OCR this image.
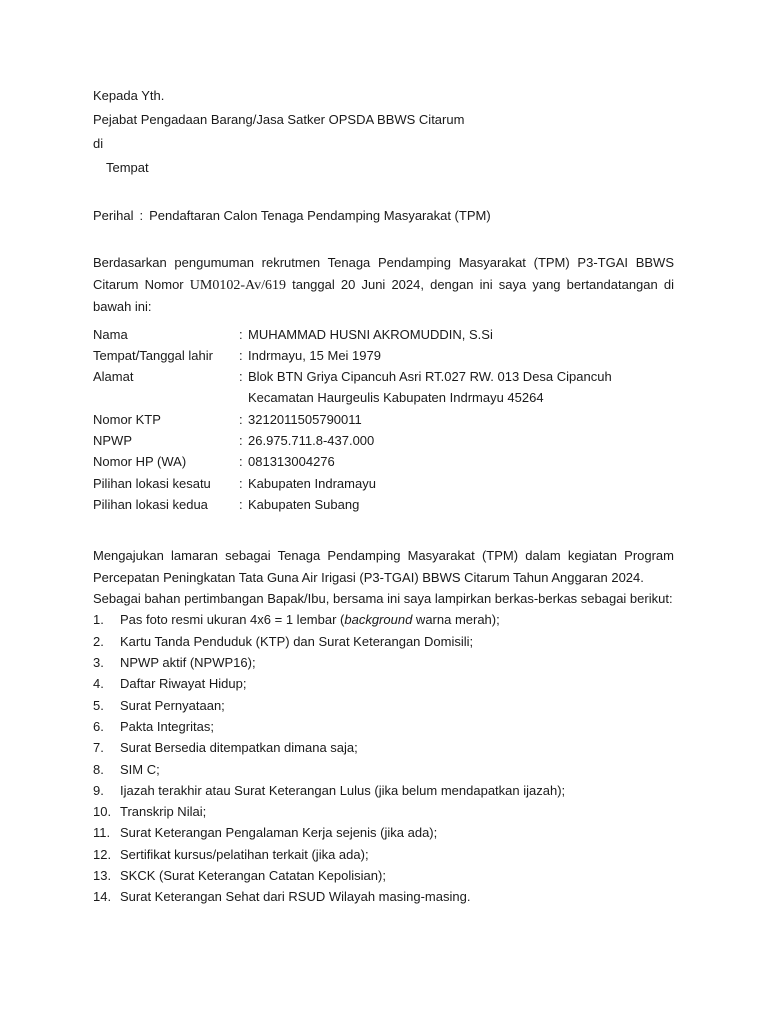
Kepada Yth.
Pejabat Pengadaan Barang/Jasa Satker OPSDA BBWS Citarum
di
Tempat
Perihal : Pendaftaran Calon Tenaga Pendamping Masyarakat (TPM)
Berdasarkan pengumuman rekrutmen Tenaga Pendamping Masyarakat (TPM) P3-TGAI BBWS Citarum Nomor UM0102-Av/619 tanggal 20 Juni 2024, dengan ini saya yang bertandatangan di bawah ini:
Nama	: MUHAMMAD HUSNI AKROMUDDIN, S.Si
Tempat/Tanggal lahir	: Indrmayu, 15 Mei 1979
Alamat	: Blok BTN Griya Cipancuh Asri RT.027 RW. 013 Desa Cipancuh
Kecamatan Haurgeulis Kabupaten Indrmayu 45264
Nomor KTP	: 3212011505790011
NPWP	: 26.975.711.8-437.000
Nomor HP (WA)	: 081313004276
Pilihan lokasi kesatu	: Kabupaten Indramayu
Pilihan lokasi kedua	: Kabupaten Subang
Mengajukan lamaran sebagai Tenaga Pendamping Masyarakat (TPM) dalam kegiatan Program Percepatan Peningkatan Tata Guna Air Irigasi (P3-TGAI) BBWS Citarum Tahun Anggaran 2024.
Sebagai bahan pertimbangan Bapak/Ibu, bersama ini saya lampirkan berkas-berkas sebagai berikut:
1.	Pas foto resmi ukuran 4x6 = 1 lembar (background warna merah);
2.	Kartu Tanda Penduduk (KTP) dan Surat Keterangan Domisili;
3.	NPWP aktif (NPWP16);
4.	Daftar Riwayat Hidup;
5.	Surat Pernyataan;
6.	Pakta Integritas;
7.	Surat Bersedia ditempatkan dimana saja;
8.	SIM C;
9.	Ijazah terakhir atau Surat Keterangan Lulus (jika belum mendapatkan ijazah);
10. Transkrip Nilai;
11. Surat Keterangan Pengalaman Kerja sejenis (jika ada);
12. Sertifikat kursus/pelatihan terkait (jika ada);
13. SKCK (Surat Keterangan Catatan Kepolisian);
14. Surat Keterangan Sehat dari RSUD Wilayah masing-masing.
